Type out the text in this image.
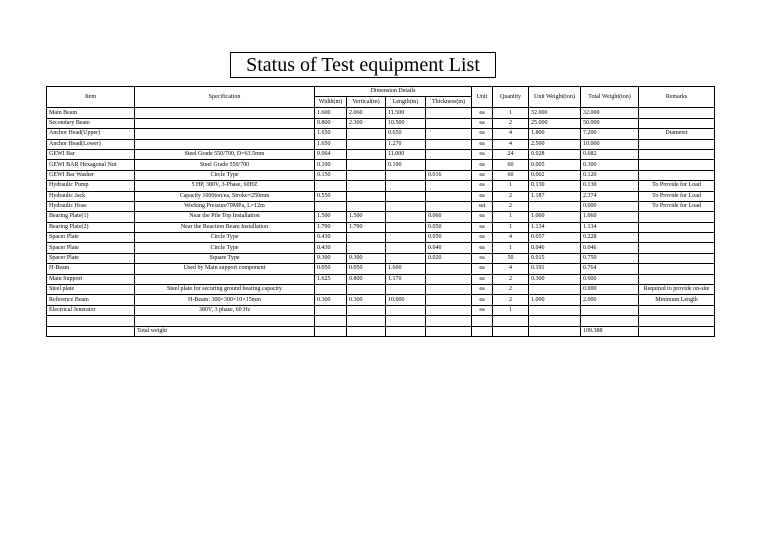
Status of Test equipment List
Item	Specification	Dimension Details				Unit	Quantity	Unit Weight(ton)	Total Weight(ton)	Remarks
		Width(m)	Vertical(m)	Length(m)	Thickness(m)					
Main Beam		1.600	2.060	11.500		ea	1	32.000	32.000	
Secondary Beam		0.800	2.300	10.500		ea	2	25.000	50.000	
Anchor Head(Upper)		1.650		0.650		ea	4	1.800	7.200	Diameter
Anchor Head(Lower)		1.650		1.270		ea	4	2.500	10.000	
GEWI Bar	Steel Grade 550/700, D=63.5mm	0.064		11.000		ea	24	0.028	0.682	
GEWI BAR Hexagonal Nut	Steel Grade 550/700	0.100		0.100		ea	60	0.005	0.300	
GEWI Bar Washer	Circle Type	0.150			0.016	ea	60	0.002	0.120	
Hydraulic Pump	5 HP, 380V, 3-Phase, 60HZ					ea	1	0.130	0.130	To Provide for Load
Hydraulic Jack	Capacity 1000ton/ea, Stroke=250mm	0.550				ea	2	1.187	2.374	To Provide for Load
Hydraulic Hose	Working Pressure70MPa, L=12m					set	2		0.000	To Provide for Load
Bearing Plate(1)	Near the Pile Top Installation	1.500	1.500		0.060	ea	1	1.060	1.060	
Bearing Plate(2)	Near the Reaction Beam Installation	1.700	1.700		0.050	ea	1	1.134	1.134	
Spacer Plate	Circle Type	0.430			0.050	ea	4	0.057	0.228	
Spacer Plate	Circle Type	0.430			0.040	ea	1	0.046	0.046	
Spacer Plate	Square Type	0.300	0.300		0.020	ea	50	0.015	0.750	
H-Beam	Used by Main support component	0.050	0.050	1.600		ea	4	0.191	0.764	
Main Support		1.625	0.800	1.170		ea	2	0.300	0.600	
Steel plate	Steel plate for securing ground bearing capacity					ea	2		0.000	Required to provide on-site
Reference Beam	H-Beam: 300×300×10×15mm	0.300	0.300	10.000		ea	2	1.000	2.000	Minimum Length
Electrical Jenerator	380V, 3 phase, 60 Hz					ea	1			

	Total weight								109.388	
